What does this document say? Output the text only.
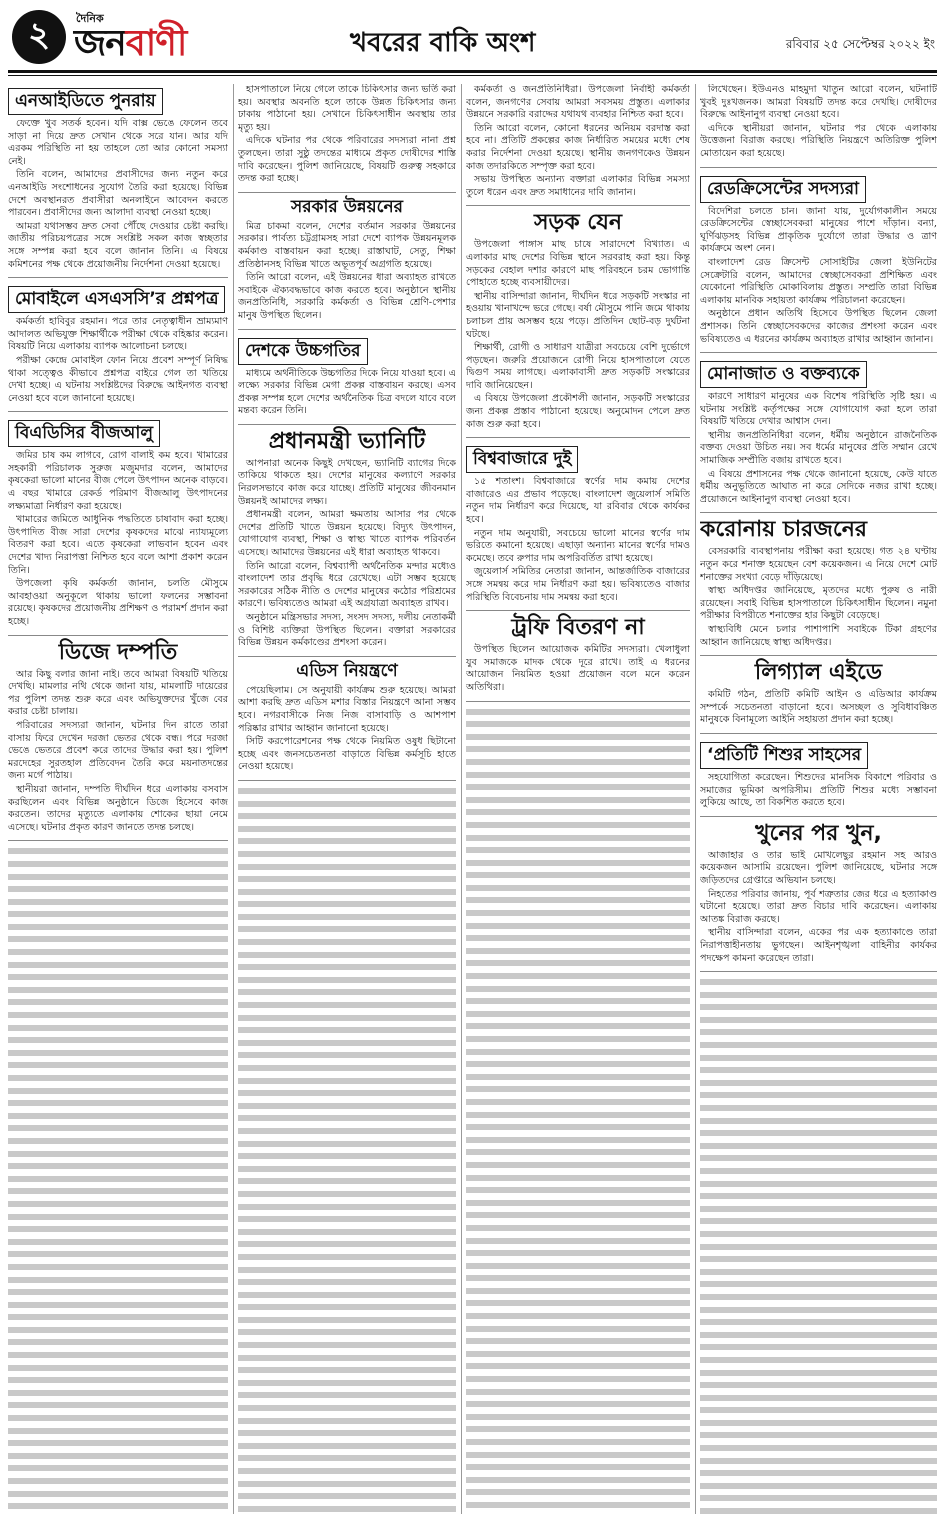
২	দৈনিক
জনবাণী	খবরের বাকি অংশ	রবিবার ২৫ সেপ্টেম্বর ২০২২ ইং
এনআইডিতে পুনরায়

ফেক্তে খুব সতর্ক হবেন। যদি বাক্স ভেঙে ফেলেন তবে সাড়া না দিয়ে দ্রুত সেখান থেকে সরে যান। আর যদি এরকম পরিস্থিতি না হয় তাহলে তো আর কোনো সমস্যা নেই।

তিনি বলেন, আমাদের প্রবাসীদের জন্য নতুন করে এনআইডি সংশোধনের সুযোগ তৈরি করা হয়েছে। বিভিন্ন দেশে অবস্থানরত প্রবাসীরা অনলাইনে আবেদন করতে পারবেন। প্রবাসীদের জন্য আলাদা ব্যবস্থা নেওয়া হচ্ছে।

আমরা যথাসম্ভব দ্রুত সেবা পৌঁছে দেওয়ার চেষ্টা করছি। জাতীয় পরিচয়পত্রের সঙ্গে সংশ্লিষ্ট সকল কাজ স্বচ্ছতার সঙ্গে সম্পন্ন করা হবে বলে জানান তিনি। এ বিষয়ে কমিশনের পক্ষ থেকে প্রয়োজনীয় নির্দেশনা দেওয়া হয়েছে।

মোবাইলে এসএসসি’র প্রশ্নপত্র

কর্মকর্তা হাবিবুর রহমান। পরে তার নেতৃত্বাধীন ভ্রাম্যমাণ আদালত অভিযুক্ত শিক্ষার্থীকে পরীক্ষা থেকে বহিষ্কার করেন। বিষয়টি নিয়ে এলাকায় ব্যাপক আলোচনা চলছে।

পরীক্ষা কেন্দ্রে মোবাইল ফোন নিয়ে প্রবেশ সম্পূর্ণ নিষিদ্ধ থাকা সত্ত্বেও কীভাবে প্রশ্নপত্র বাইরে গেল তা খতিয়ে দেখা হচ্ছে। এ ঘটনায় সংশ্লিষ্টদের বিরুদ্ধে আইনগত ব্যবস্থা নেওয়া হবে বলে জানানো হয়েছে।

বিএডিসির বীজআলু

জমির চাষ কম লাগবে, রোগ বালাই কম হবে। খামারের সহকারী পরিচালক সুরুজ মজুমদার বলেন, আমাদের কৃষকেরা ভালো মানের বীজ পেলে উৎপাদন অনেক বাড়বে। এ বছর খামারে রেকর্ড পরিমাণ বীজআলু উৎপাদনের লক্ষ্যমাত্রা নির্ধারণ করা হয়েছে।

খামারের জমিতে আধুনিক পদ্ধতিতে চাষাবাদ করা হচ্ছে। উৎপাদিত বীজ সারা দেশের কৃষকদের মাঝে ন্যায্যমূল্যে বিতরণ করা হবে। এতে কৃষকেরা লাভবান হবেন এবং দেশের খাদ্য নিরাপত্তা নিশ্চিত হবে বলে আশা প্রকাশ করেন তিনি।

উপজেলা কৃষি কর্মকর্তা জানান, চলতি মৌসুমে আবহাওয়া অনুকূলে থাকায় ভালো ফলনের সম্ভাবনা রয়েছে। কৃষকদের প্রয়োজনীয় প্রশিক্ষণ ও পরামর্শ প্রদান করা হচ্ছে।

ডিজে দম্পতি

আর কিছু বলার জানা নাই। তবে আমরা বিষয়টি খতিয়ে দেখছি। মামলার নথি থেকে জানা যায়, মামলাটি দায়েরের পর পুলিশ তদন্ত শুরু করে এবং অভিযুক্তদের খুঁজে বের করার চেষ্টা চালায়।

পরিবারের সদস্যরা জানান, ঘটনার দিন রাতে তারা বাসায় ফিরে দেখেন দরজা ভেতর থেকে বন্ধ। পরে দরজা ভেঙে ভেতরে প্রবেশ করে তাদের উদ্ধার করা হয়। পুলিশ মরদেহের সুরতহাল প্রতিবেদন তৈরি করে ময়নাতদন্তের জন্য মর্গে পাঠায়।

স্থানীয়রা জানান, দম্পতি দীর্ঘদিন ধরে এলাকায় বসবাস করছিলেন এবং বিভিন্ন অনুষ্ঠানে ডিজে হিসেবে কাজ করতেন। তাদের মৃত্যুতে এলাকায় শোকের ছায়া নেমে এসেছে। ঘটনার প্রকৃত কারণ জানতে তদন্ত চলছে।

হাসপাতালে নিয়ে গেলে তাকে চিকিৎসার জন্য ভর্তি করা হয়। অবস্থার অবনতি হলে তাকে উন্নত চিকিৎসার জন্য ঢাকায় পাঠানো হয়। সেখানে চিকিৎসাধীন অবস্থায় তার মৃত্যু হয়।

এদিকে ঘটনার পর থেকে পরিবারের সদস্যরা নানা প্রশ্ন তুলছেন। তারা সুষ্ঠু তদন্তের মাধ্যমে প্রকৃত দোষীদের শাস্তি দাবি করেছেন। পুলিশ জানিয়েছে, বিষয়টি গুরুত্ব সহকারে তদন্ত করা হচ্ছে।

সরকার উন্নয়নের

মিত্র চাকমা বলেন, দেশের বর্তমান সরকার উন্নয়নের সরকার। পার্বত্য চট্টগ্রামসহ সারা দেশে ব্যাপক উন্নয়নমূলক কর্মকাণ্ড বাস্তবায়ন করা হচ্ছে। রাস্তাঘাট, সেতু, শিক্ষা প্রতিষ্ঠানসহ বিভিন্ন খাতে অভূতপূর্ব অগ্রগতি হয়েছে।

তিনি আরো বলেন, এই উন্নয়নের ধারা অব্যাহত রাখতে সবাইকে ঐক্যবদ্ধভাবে কাজ করতে হবে। অনুষ্ঠানে স্থানীয় জনপ্রতিনিধি, সরকারি কর্মকর্তা ও বিভিন্ন শ্রেণি-পেশার মানুষ উপস্থিত ছিলেন।

দেশকে উচ্চগতির

মাধ্যমে অর্থনীতিকে উচ্চগতির দিকে নিয়ে যাওয়া হবে। এ লক্ষ্যে সরকার বিভিন্ন মেগা প্রকল্প বাস্তবায়ন করছে। এসব প্রকল্প সম্পন্ন হলে দেশের অর্থনৈতিক চিত্র বদলে যাবে বলে মন্তব্য করেন তিনি।

প্রধানমন্ত্রী ভ্যানিটি

আপনারা অনেক কিছুই দেখছেন, ভ্যানিটি ব্যাগের দিকে তাকিয়ে থাকতে হয়। দেশের মানুষের কল্যাণে সরকার নিরলসভাবে কাজ করে যাচ্ছে। প্রতিটি মানুষের জীবনমান উন্নয়নই আমাদের লক্ষ্য।

প্রধানমন্ত্রী বলেন, আমরা ক্ষমতায় আসার পর থেকে দেশের প্রতিটি খাতে উন্নয়ন হয়েছে। বিদ্যুৎ উৎপাদন, যোগাযোগ ব্যবস্থা, শিক্ষা ও স্বাস্থ্য খাতে ব্যাপক পরিবর্তন এসেছে। আমাদের উন্নয়নের এই ধারা অব্যাহত থাকবে।

তিনি আরো বলেন, বিশ্বব্যাপী অর্থনৈতিক মন্দার মধ্যেও বাংলাদেশ তার প্রবৃদ্ধি ধরে রেখেছে। এটা সম্ভব হয়েছে সরকারের সঠিক নীতি ও দেশের মানুষের কঠোর পরিশ্রমের কারণে। ভবিষ্যতেও আমরা এই অগ্রযাত্রা অব্যাহত রাখব।

অনুষ্ঠানে মন্ত্রিসভার সদস্য, সংসদ সদস্য, দলীয় নেতাকর্মী ও বিশিষ্ট ব্যক্তিরা উপস্থিত ছিলেন। বক্তারা সরকারের বিভিন্ন উন্নয়ন কর্মকাণ্ডের প্রশংসা করেন।

এডিস নিয়ন্ত্রণে

পেয়েছিলাম। সে অনুযায়ী কার্যক্রম শুরু হয়েছে। আমরা আশা করছি দ্রুত এডিস মশার বিস্তার নিয়ন্ত্রণে আনা সম্ভব হবে। নগরবাসীকে নিজ নিজ বাসাবাড়ি ও আশপাশ পরিষ্কার রাখার আহ্বান জানানো হয়েছে।

সিটি করপোরেশনের পক্ষ থেকে নিয়মিত ওষুধ ছিটানো হচ্ছে এবং জনসচেতনতা বাড়াতে বিভিন্ন কর্মসূচি হাতে নেওয়া হয়েছে।

কর্মকর্তা ও জনপ্রতিনিধিরা। উপজেলা নির্বাহী কর্মকর্তা বলেন, জনগণের সেবায় আমরা সবসময় প্রস্তুত। এলাকার উন্নয়নে সরকারি বরাদ্দের যথাযথ ব্যবহার নিশ্চিত করা হবে।

তিনি আরো বলেন, কোনো ধরনের অনিয়ম বরদাস্ত করা হবে না। প্রতিটি প্রকল্পের কাজ নির্ধারিত সময়ের মধ্যে শেষ করার নির্দেশনা দেওয়া হয়েছে। স্থানীয় জনগণকেও উন্নয়ন কাজ তদারকিতে সম্পৃক্ত করা হবে।

সভায় উপস্থিত অন্যান্য বক্তারা এলাকার বিভিন্ন সমস্যা তুলে ধরেন এবং দ্রুত সমাধানের দাবি জানান।

সড়ক যেন

উপজেলা পাঙ্গাস মাছ চাষে সারাদেশে বিখ্যাত। এ এলাকার মাছ দেশের বিভিন্ন স্থানে সরবরাহ করা হয়। কিন্তু সড়কের বেহাল দশার কারণে মাছ পরিবহনে চরম ভোগান্তি পোহাতে হচ্ছে ব্যবসায়ীদের।

স্থানীয় বাসিন্দারা জানান, দীর্ঘদিন ধরে সড়কটি সংস্কার না হওয়ায় খানাখন্দে ভরে গেছে। বর্ষা মৌসুমে পানি জমে থাকায় চলাচল প্রায় অসম্ভব হয়ে পড়ে। প্রতিদিন ছোট-বড় দুর্ঘটনা ঘটছে।

শিক্ষার্থী, রোগী ও সাধারণ যাত্রীরা সবচেয়ে বেশি দুর্ভোগে পড়ছেন। জরুরি প্রয়োজনে রোগী নিয়ে হাসপাতালে যেতে দ্বিগুণ সময় লাগছে। এলাকাবাসী দ্রুত সড়কটি সংস্কারের দাবি জানিয়েছেন।

এ বিষয়ে উপজেলা প্রকৌশলী জানান, সড়কটি সংস্কারের জন্য প্রকল্প প্রস্তাব পাঠানো হয়েছে। অনুমোদন পেলে দ্রুত কাজ শুরু করা হবে।

বিশ্ববাজারে দুই

১৫ শতাংশ। বিশ্ববাজারে স্বর্ণের দাম কমায় দেশের বাজারেও এর প্রভাব পড়েছে। বাংলাদেশ জুয়েলার্স সমিতি নতুন দাম নির্ধারণ করে দিয়েছে, যা রবিবার থেকে কার্যকর হবে।

নতুন দাম অনুযায়ী, সবচেয়ে ভালো মানের স্বর্ণের দাম ভরিতে কমানো হয়েছে। এছাড়া অন্যান্য মানের স্বর্ণের দামও কমেছে। তবে রুপার দাম অপরিবর্তিত রাখা হয়েছে।

জুয়েলার্স সমিতির নেতারা জানান, আন্তর্জাতিক বাজারের সঙ্গে সমন্বয় করে দাম নির্ধারণ করা হয়। ভবিষ্যতেও বাজার পরিস্থিতি বিবেচনায় দাম সমন্বয় করা হবে।

ট্রফি বিতরণ না

উপস্থিত ছিলেন আয়োজক কমিটির সদস্যরা। খেলাধুলা যুব সমাজকে মাদক থেকে দূরে রাখে। তাই এ ধরনের আয়োজন নিয়মিত হওয়া প্রয়োজন বলে মনে করেন অতিথিরা।

লিখেছেন। ইউএনও মাহমুদা খাতুন আরো বলেন, ঘটনাটি খুবই দুঃখজনক। আমরা বিষয়টি তদন্ত করে দেখছি। দোষীদের বিরুদ্ধে আইনানুগ ব্যবস্থা নেওয়া হবে।

এদিকে স্থানীয়রা জানান, ঘটনার পর থেকে এলাকায় উত্তেজনা বিরাজ করছে। পরিস্থিতি নিয়ন্ত্রণে অতিরিক্ত পুলিশ মোতায়েন করা হয়েছে।

রেডক্রিসেন্টের সদস্যরা

বিদেশিরা চলতে চান। জানা যায়, দুর্যোগকালীন সময়ে রেডক্রিসেন্টের স্বেচ্ছাসেবকরা মানুষের পাশে দাঁড়ান। বন্যা, ঘূর্ণিঝড়সহ বিভিন্ন প্রাকৃতিক দুর্যোগে তারা উদ্ধার ও ত্রাণ কার্যক্রমে অংশ নেন।

বাংলাদেশ রেড ক্রিসেন্ট সোসাইটির জেলা ইউনিটের সেক্রেটারি বলেন, আমাদের স্বেচ্ছাসেবকরা প্রশিক্ষিত এবং যেকোনো পরিস্থিতি মোকাবিলায় প্রস্তুত। সম্প্রতি তারা বিভিন্ন এলাকায় মানবিক সহায়তা কার্যক্রম পরিচালনা করেছেন।

অনুষ্ঠানে প্রধান অতিথি হিসেবে উপস্থিত ছিলেন জেলা প্রশাসক। তিনি স্বেচ্ছাসেবকদের কাজের প্রশংসা করেন এবং ভবিষ্যতেও এ ধরনের কার্যক্রম অব্যাহত রাখার আহ্বান জানান।

মোনাজাত ও বক্তব্যকে

কারণে সাধারণ মানুষের এক বিশেষ পরিস্থিতি সৃষ্টি হয়। এ ঘটনায় সংশ্লিষ্ট কর্তৃপক্ষের সঙ্গে যোগাযোগ করা হলে তারা বিষয়টি খতিয়ে দেখার আশ্বাস দেন।

স্থানীয় জনপ্রতিনিধিরা বলেন, ধর্মীয় অনুষ্ঠানে রাজনৈতিক বক্তব্য দেওয়া উচিত নয়। সব ধর্মের মানুষের প্রতি সম্মান রেখে সামাজিক সম্প্রীতি বজায় রাখতে হবে।

এ বিষয়ে প্রশাসনের পক্ষ থেকে জানানো হয়েছে, কেউ যাতে ধর্মীয় অনুভূতিতে আঘাত না করে সেদিকে নজর রাখা হচ্ছে। প্রয়োজনে আইনানুগ ব্যবস্থা নেওয়া হবে।

করোনায় চারজনের

বেসরকারি ব্যবস্থাপনায় পরীক্ষা করা হয়েছে। গত ২৪ ঘণ্টায় নতুন করে শনাক্ত হয়েছেন বেশ কয়েকজন। এ নিয়ে দেশে মোট শনাক্তের সংখ্যা বেড়ে দাঁড়িয়েছে।

স্বাস্থ্য অধিদপ্তর জানিয়েছে, মৃতদের মধ্যে পুরুষ ও নারী রয়েছেন। সবাই বিভিন্ন হাসপাতালে চিকিৎসাধীন ছিলেন। নমুনা পরীক্ষার বিপরীতে শনাক্তের হার কিছুটা বেড়েছে।

স্বাস্থ্যবিধি মেনে চলার পাশাপাশি সবাইকে টিকা গ্রহণের আহ্বান জানিয়েছে স্বাস্থ্য অধিদপ্তর।

লিগ্যাল এইডে

কমিটি গঠন, প্রতিটি কমিটি আইন ও এডিআর কার্যক্রম সম্পর্কে সচেতনতা বাড়ানো হবে। অসচ্ছল ও সুবিধাবঞ্চিত মানুষকে বিনামূল্যে আইনি সহায়তা প্রদান করা হচ্ছে।

‘প্রতিটি শিশুর সাহসের

সহযোগিতা করেছেন। শিশুদের মানসিক বিকাশে পরিবার ও সমাজের ভূমিকা অপরিসীম। প্রতিটি শিশুর মধ্যে সম্ভাবনা লুকিয়ে আছে, তা বিকশিত করতে হবে।

খুনের পর খুন,

আজাহার ও তার ভাই মোখলেছুর রহমান সহ আরও কয়েকজন আসামি রয়েছেন। পুলিশ জানিয়েছে, ঘটনার সঙ্গে জড়িতদের গ্রেপ্তারে অভিযান চলছে।

নিহতের পরিবার জানায়, পূর্ব শত্রুতার জের ধরে এ হত্যাকাণ্ড ঘটানো হয়েছে। তারা দ্রুত বিচার দাবি করেছেন। এলাকায় আতঙ্ক বিরাজ করছে।

স্থানীয় বাসিন্দারা বলেন, একের পর এক হত্যাকাণ্ডে তারা নিরাপত্তাহীনতায় ভুগছেন। আইনশৃঙ্খলা বাহিনীর কার্যকর পদক্ষেপ কামনা করেছেন তারা।
